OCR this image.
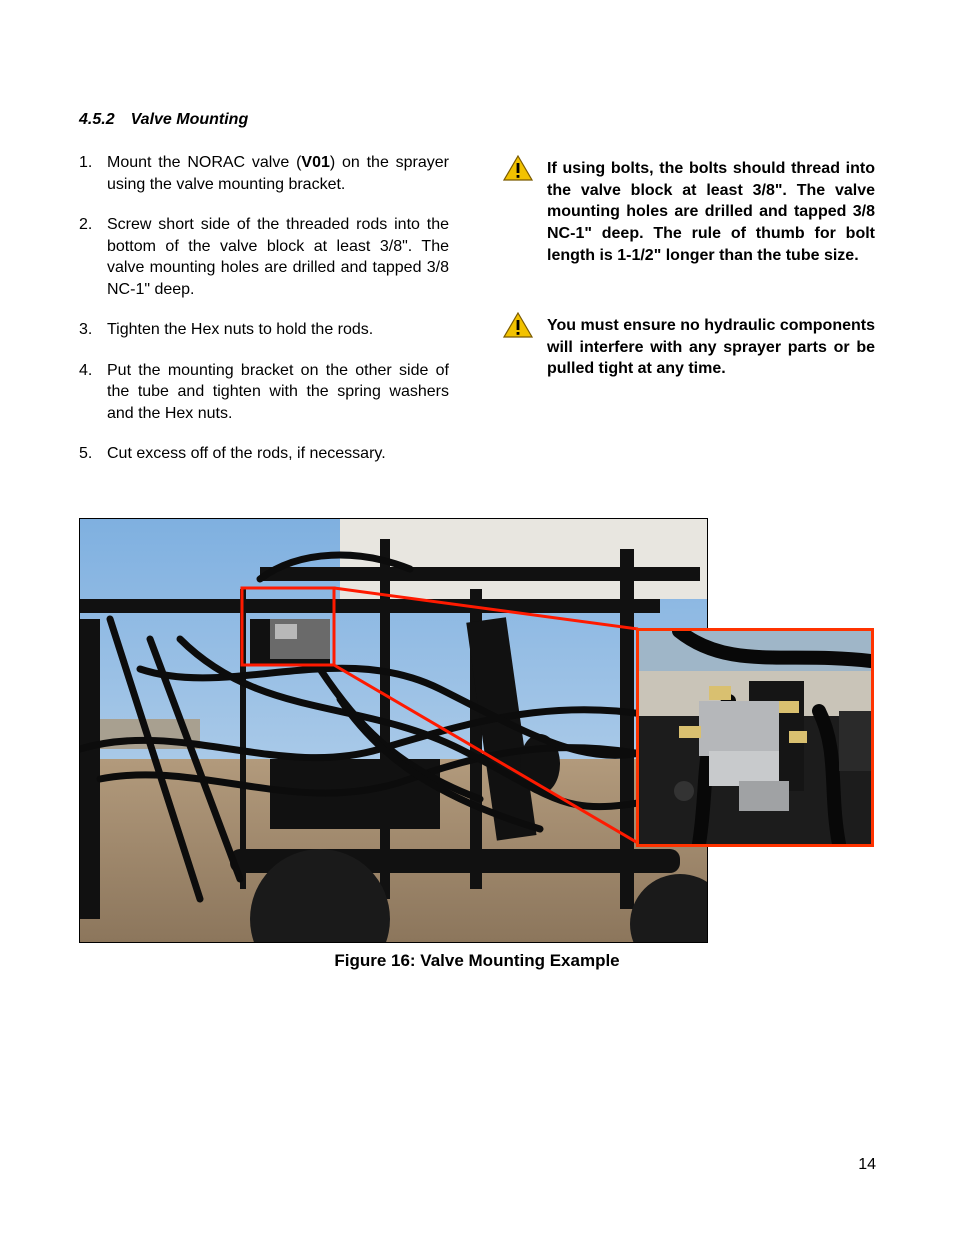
4.5.2 Valve Mounting
1. Mount the NORAC valve (V01) on the sprayer using the valve mounting bracket.
2. Screw short side of the threaded rods into the bottom of the valve block at least 3/8". The valve mounting holes are drilled and tapped 3/8 NC-1" deep.
3. Tighten the Hex nuts to hold the rods.
4. Put the mounting bracket on the other side of the tube and tighten with the spring washers and the Hex nuts.
5. Cut excess off of the rods, if necessary.
If using bolts, the bolts should thread into the valve block at least 3/8". The valve mounting holes are drilled and tapped 3/8 NC-1" deep. The rule of thumb for bolt length is 1-1/2" longer than the tube size.
You must ensure no hydraulic components will interfere with any sprayer parts or be pulled tight at any time.
Figure 16: Valve Mounting Example
14
